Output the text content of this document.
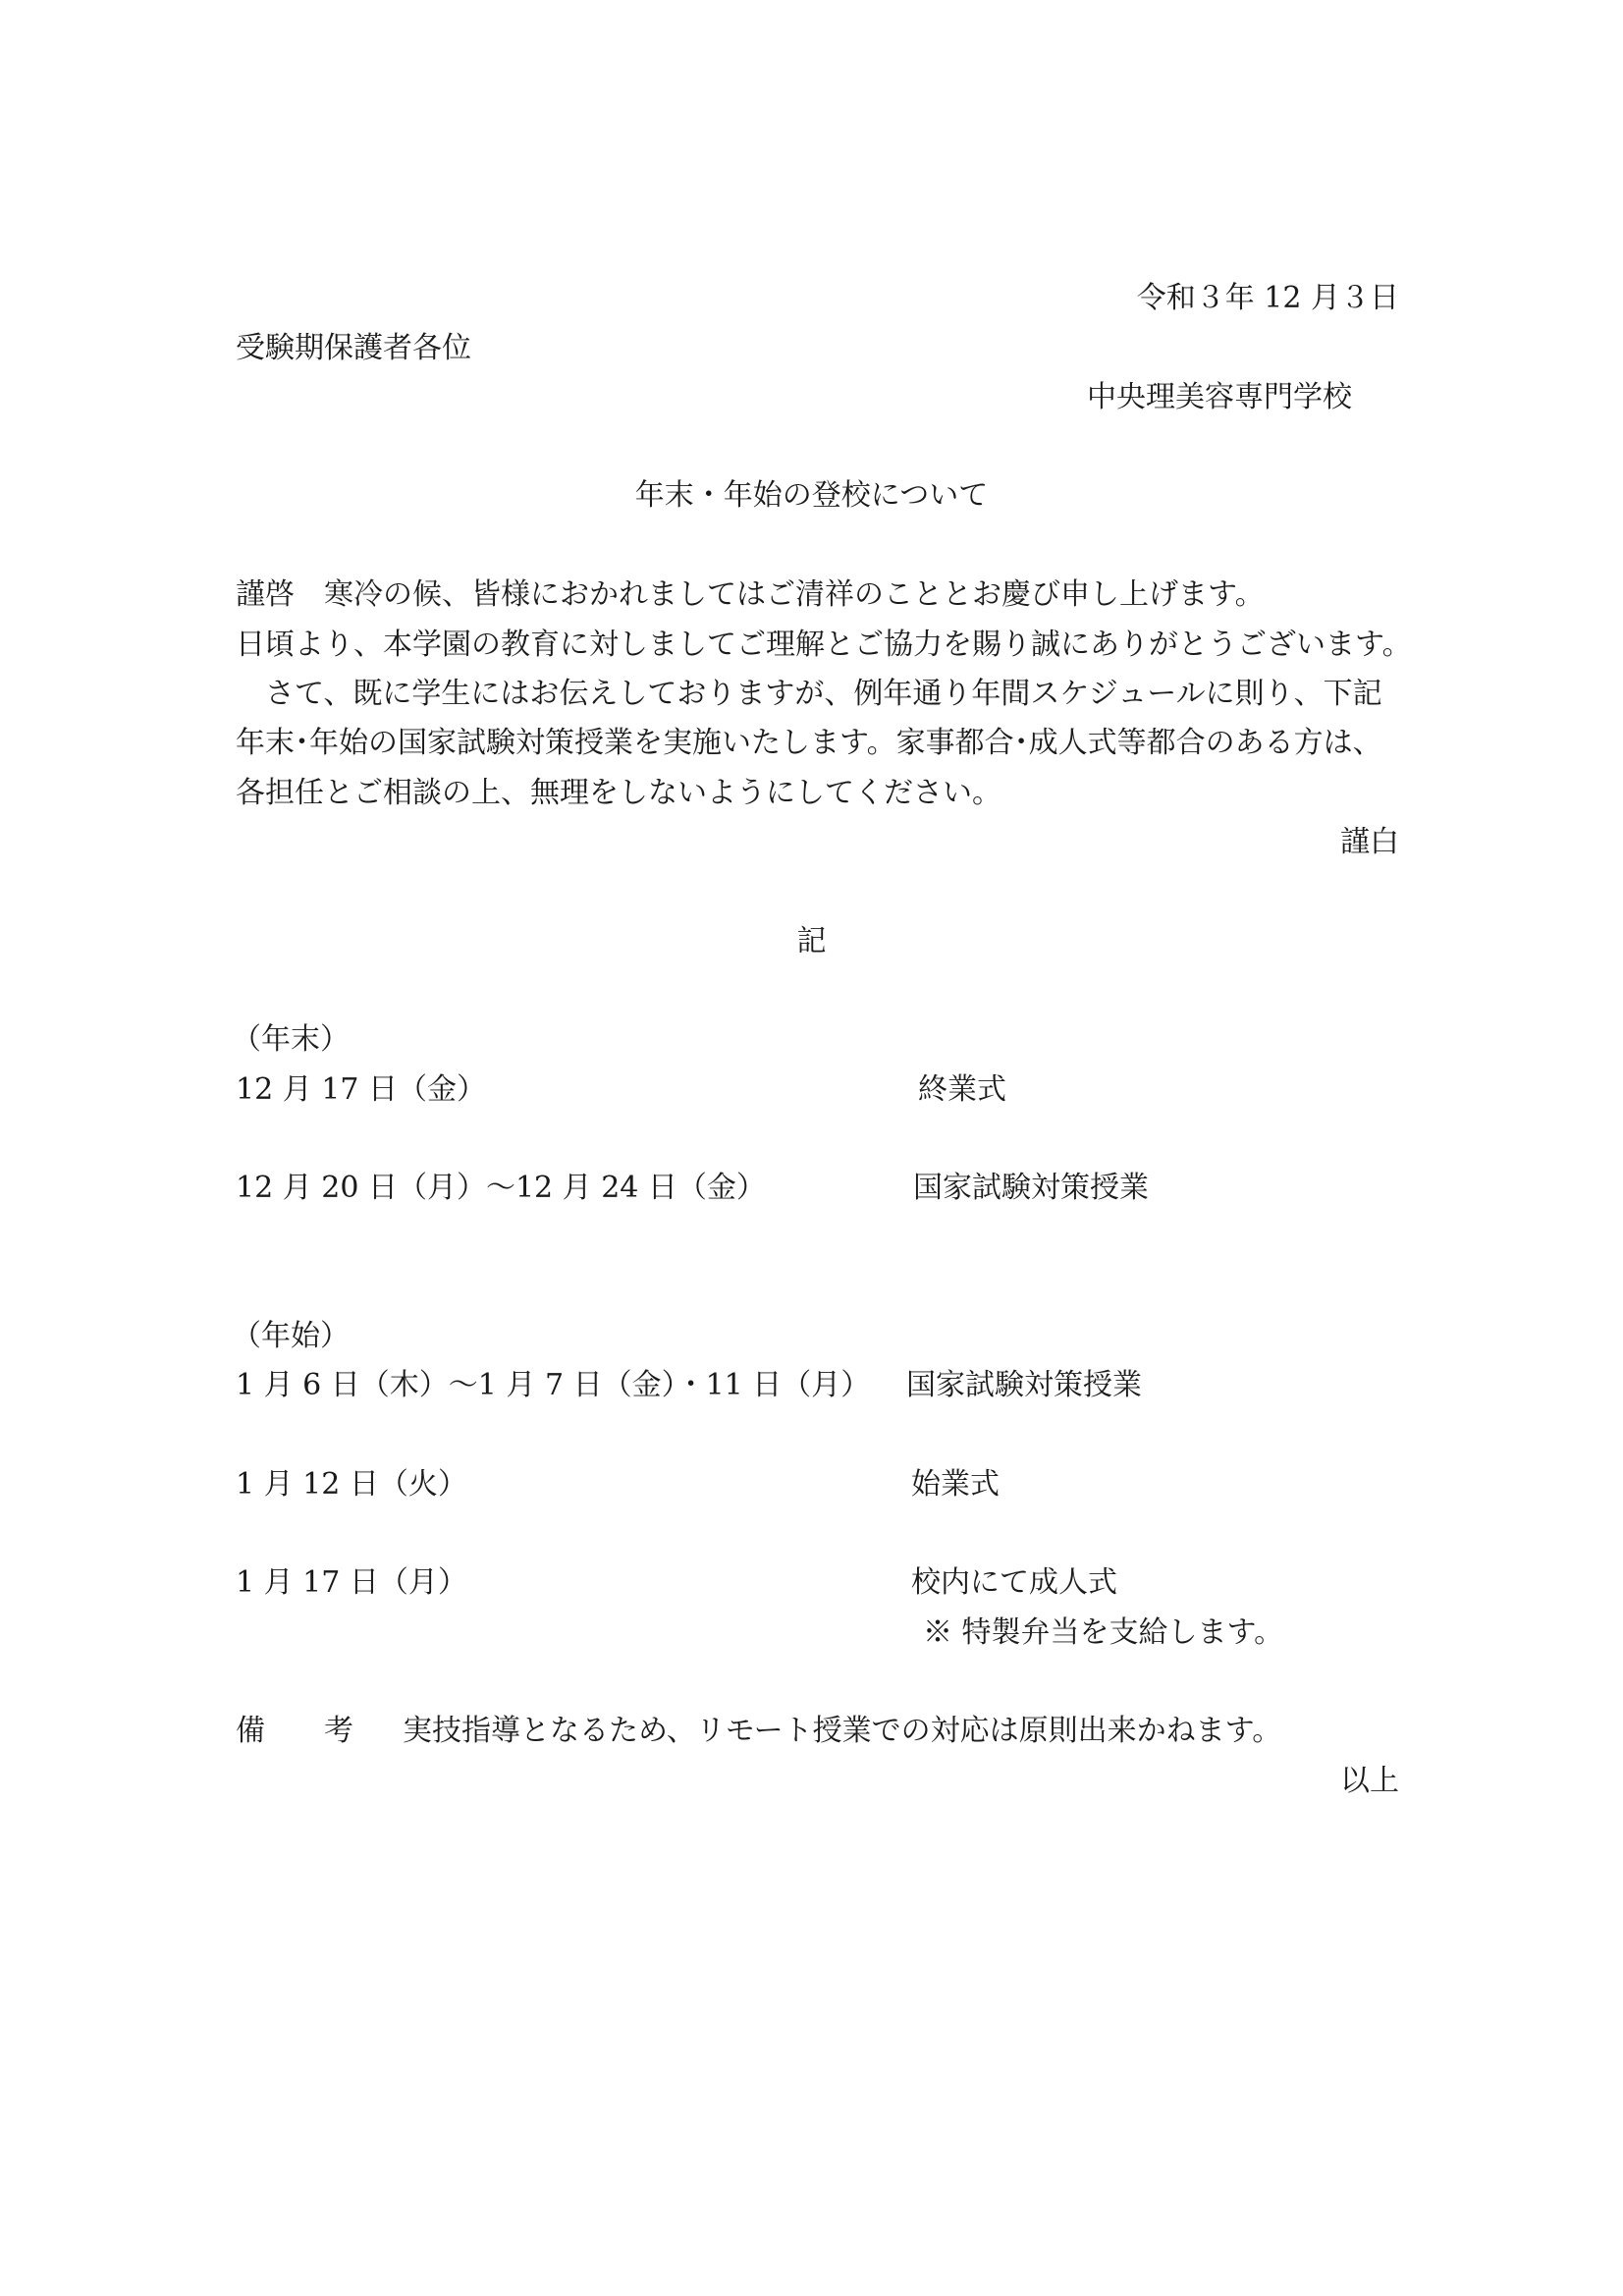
令和３年 12 月３日
受験期保護者各位
中央理美容専門学校
年末・年始の登校について
謹啓　寒冷の候、皆様におかれましてはご清祥のこととお慶び申し上げます。
日頃より、本学園の教育に対しましてご理解とご協力を賜り誠にありがとうございます。
　さて、既に学生にはお伝えしておりますが、例年通り年間スケジュールに則り、下記
年末･年始の国家試験対策授業を実施いたします。家事都合･成人式等都合のある方は、
各担任とご相談の上、無理をしないようにしてください。
謹白
記
（年末）
12 月 17 日（金）	終業式
12 月 20 日（月）～12 月 24 日（金）	国家試験対策授業
（年始）
1 月 6 日（木）～1 月 7 日（金）・11 日（月） 国家試験対策授業
1 月 12 日（火）	始業式
1 月 17 日（月）	校内にて成人式
※ 特製弁当を支給します。
備　　考 実技指導となるため、リモート授業での対応は原則出来かねます。
以上
